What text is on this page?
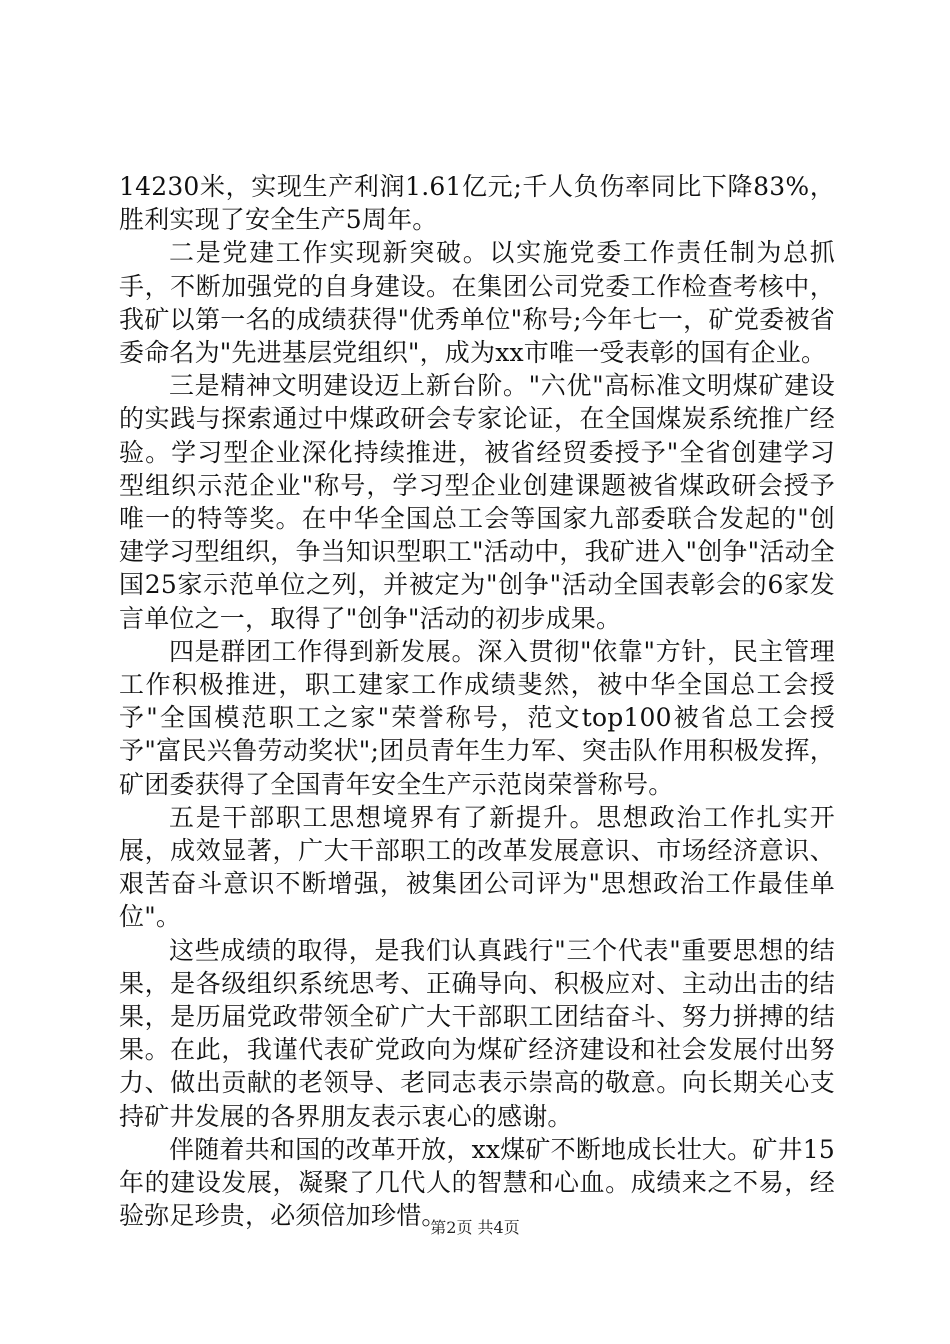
14230米，实现生产利润1.61亿元;千人负伤率同比下降83%，胜利实现了安全生产5周年。

二是党建工作实现新突破。以实施党委工作责任制为总抓手，不断加强党的自身建设。在集团公司党委工作检查考核中，我矿以第一名的成绩获得"优秀单位"称号;今年七一，矿党委被省委命名为"先进基层党组织"，成为xx市唯一受表彰的国有企业。

三是精神文明建设迈上新台阶。"六优"高标准文明煤矿建设的实践与探索通过中煤政研会专家论证，在全国煤炭系统推广经验。学习型企业深化持续推进，被省经贸委授予"全省创建学习型组织示范企业"称号，学习型企业创建课题被省煤政研会授予唯一的特等奖。在中华全国总工会等国家九部委联合发起的"创建学习型组织，争当知识型职工"活动中，我矿进入"创争"活动全国25家示范单位之列，并被定为"创争"活动全国表彰会的6家发言单位之一，取得了"创争"活动的初步成果。

四是群团工作得到新发展。深入贯彻"依靠"方针，民主管理工作积极推进，职工建家工作成绩斐然，被中华全国总工会授予"全国模范职工之家"荣誉称号，范文top100被省总工会授予"富民兴鲁劳动奖状";团员青年生力军、突击队作用积极发挥，矿团委获得了全国青年安全生产示范岗荣誉称号。

五是干部职工思想境界有了新提升。思想政治工作扎实开展，成效显著，广大干部职工的改革发展意识、市场经济意识、艰苦奋斗意识不断增强，被集团公司评为"思想政治工作最佳单位"。

这些成绩的取得，是我们认真践行"三个代表"重要思想的结果，是各级组织系统思考、正确导向、积极应对、主动出击的结果，是历届党政带领全矿广大干部职工团结奋斗、努力拼搏的结果。在此，我谨代表矿党政向为煤矿经济建设和社会发展付出努力、做出贡献的老领导、老同志表示崇高的敬意。向长期关心支持矿井发展的各界朋友表示衷心的感谢。

伴随着共和国的改革开放，xx煤矿不断地成长壮大。矿井15年的建设发展，凝聚了几代人的智慧和心血。成绩来之不易，经验弥足珍贵，必须倍加珍惜。

第2页 共4页
